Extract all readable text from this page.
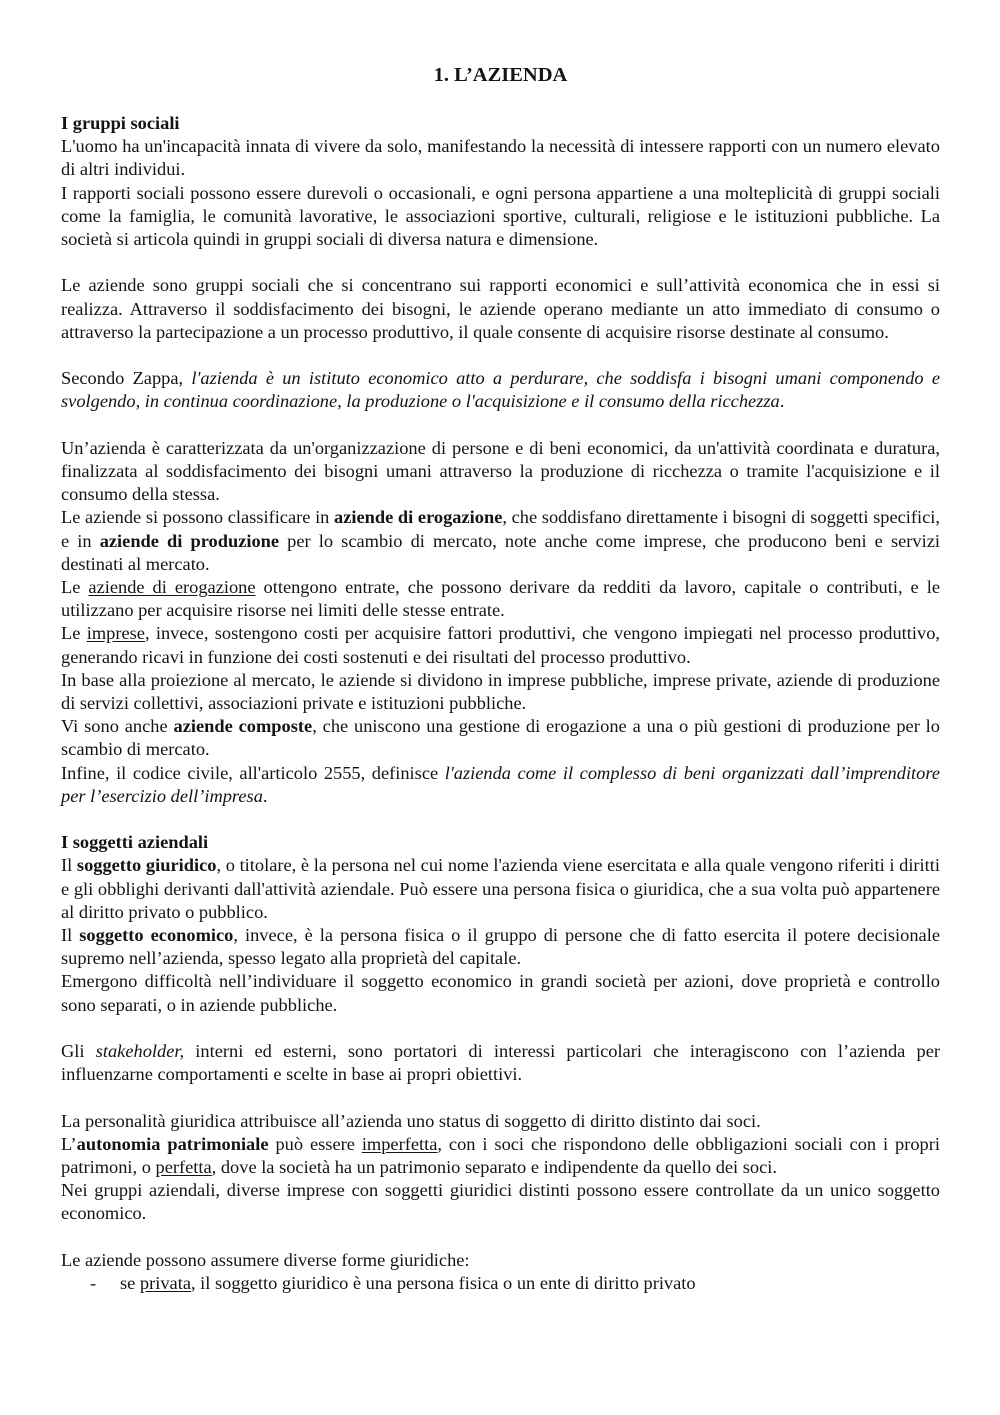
1. L’AZIENDA
I gruppi sociali

L'uomo ha un'incapacità innata di vivere da solo, manifestando la necessità di intessere rapporti con un numero elevato di altri individui.

I rapporti sociali possono essere durevoli o occasionali, e ogni persona appartiene a una molteplicità di gruppi sociali come la famiglia, le comunità lavorative, le associazioni sportive, culturali, religiose e le istituzioni pubbliche. La società si articola quindi in gruppi sociali di diversa natura e dimensione.

Le aziende sono gruppi sociali che si concentrano sui rapporti economici e sull’attività economica che in essi si realizza. Attraverso il soddisfacimento dei bisogni, le aziende operano mediante un atto immediato di consumo o attraverso la partecipazione a un processo produttivo, il quale consente di acquisire risorse destinate al consumo.

Secondo Zappa, l'azienda è un istituto economico atto a perdurare, che soddisfa i bisogni umani componendo e svolgendo, in continua coordinazione, la produzione o l'acquisizione e il consumo della ricchezza.

Un’azienda è caratterizzata da un'organizzazione di persone e di beni economici, da un'attività coordinata e duratura, finalizzata al soddisfacimento dei bisogni umani attraverso la produzione di ricchezza o tramite l'acquisizione e il consumo della stessa.

Le aziende si possono classificare in aziende di erogazione, che soddisfano direttamente i bisogni di soggetti specifici, e in aziende di produzione per lo scambio di mercato, note anche come imprese, che producono beni e servizi destinati al mercato.

Le aziende di erogazione ottengono entrate, che possono derivare da redditi da lavoro, capitale o contributi, e le utilizzano per acquisire risorse nei limiti delle stesse entrate.

Le imprese, invece, sostengono costi per acquisire fattori produttivi, che vengono impiegati nel processo produttivo, generando ricavi in funzione dei costi sostenuti e dei risultati del processo produttivo.

In base alla proiezione al mercato, le aziende si dividono in imprese pubbliche, imprese private, aziende di produzione di servizi collettivi, associazioni private e istituzioni pubbliche.

Vi sono anche aziende composte, che uniscono una gestione di erogazione a una o più gestioni di produzione per lo scambio di mercato.

Infine, il codice civile, all'articolo 2555, definisce l'azienda come il complesso di beni organizzati dall’imprenditore per l’esercizio dell’impresa.

I soggetti aziendali

Il soggetto giuridico, o titolare, è la persona nel cui nome l'azienda viene esercitata e alla quale vengono riferiti i diritti e gli obblighi derivanti dall'attività aziendale. Può essere una persona fisica o giuridica, che a sua volta può appartenere al diritto privato o pubblico.

Il soggetto economico, invece, è la persona fisica o il gruppo di persone che di fatto esercita il potere decisionale supremo nell’azienda, spesso legato alla proprietà del capitale.

Emergono difficoltà nell’individuare il soggetto economico in grandi società per azioni, dove proprietà e controllo sono separati, o in aziende pubbliche.

Gli stakeholder, interni ed esterni, sono portatori di interessi particolari che interagiscono con l’azienda per influenzarne comportamenti e scelte in base ai propri obiettivi.

La personalità giuridica attribuisce all’azienda uno status di soggetto di diritto distinto dai soci.

L’autonomia patrimoniale può essere imperfetta, con i soci che rispondono delle obbligazioni sociali con i propri patrimoni, o perfetta, dove la società ha un patrimonio separato e indipendente da quello dei soci.

Nei gruppi aziendali, diverse imprese con soggetti giuridici distinti possono essere controllate da un unico soggetto economico.

Le aziende possono assumere diverse forme giuridiche:

- se privata, il soggetto giuridico è una persona fisica o un ente di diritto privato
